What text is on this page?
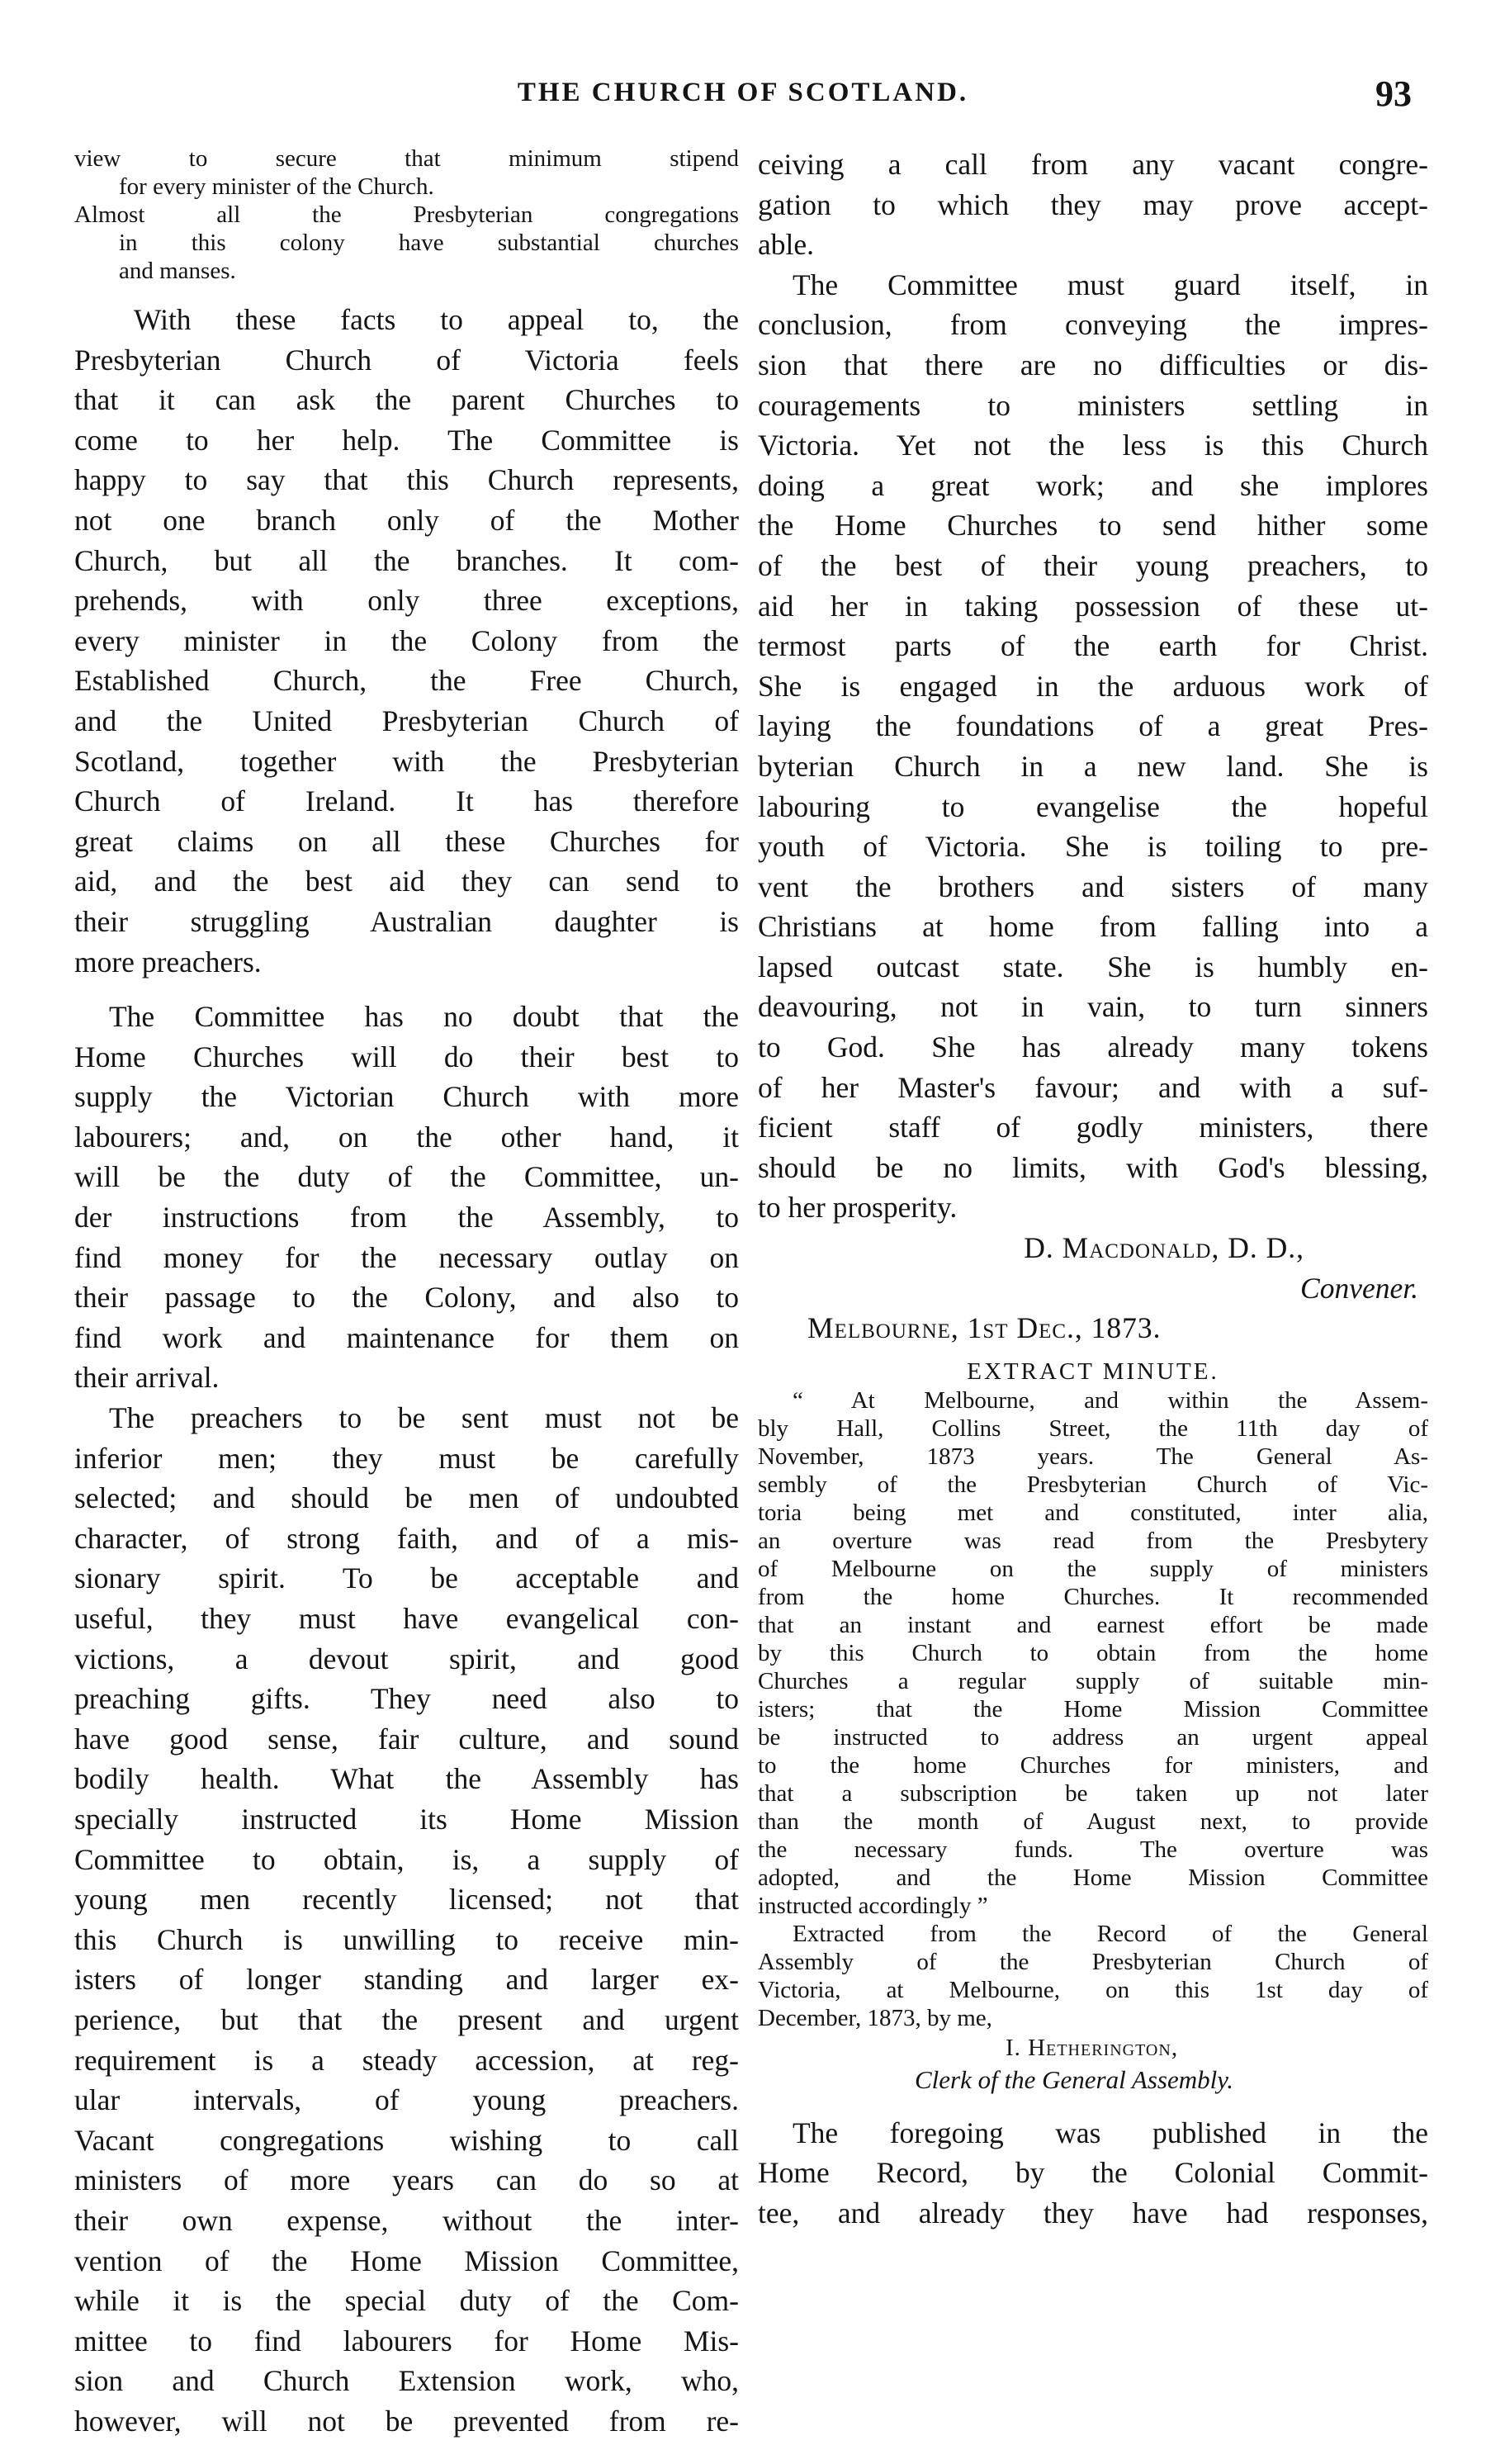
THE CHURCH OF SCOTLAND.	93
view to secure that minimum stipend
for every minister of the Church.
Almost all the Presbyterian congregations
in this colony have substantial churches
and manses.
With these facts to appeal to, the
Presbyterian Church of Victoria feels
that it can ask the parent Churches to
come to her help. The Committee is
happy to say that this Church represents,
not one branch only of the Mother
Church, but all the branches. It com-
prehends, with only three exceptions,
every minister in the Colony from the
Established Church, the Free Church,
and the United Presbyterian Church of
Scotland, together with the Presbyterian
Church of Ireland. It has therefore
great claims on all these Churches for
aid, and the best aid they can send to
their struggling Australian daughter is
more preachers.
The Committee has no doubt that the
Home Churches will do their best to
supply the Victorian Church with more
labourers; and, on the other hand, it
will be the duty of the Committee, un-
der instructions from the Assembly, to
find money for the necessary outlay on
their passage to the Colony, and also to
find work and maintenance for them on
their arrival.
The preachers to be sent must not be
inferior men; they must be carefully
selected; and should be men of undoubted
character, of strong faith, and of a mis-
sionary spirit. To be acceptable and
useful, they must have evangelical con-
victions, a devout spirit, and good
preaching gifts. They need also to
have good sense, fair culture, and sound
bodily health. What the Assembly has
specially instructed its Home Mission
Committee to obtain, is, a supply of
young men recently licensed; not that
this Church is unwilling to receive min-
isters of longer standing and larger ex-
perience, but that the present and urgent
requirement is a steady accession, at reg-
ular intervals, of young preachers.
Vacant congregations wishing to call
ministers of more years can do so at
their own expense, without the inter-
vention of the Home Mission Committee,
while it is the special duty of the Com-
mittee to find labourers for Home Mis-
sion and Church Extension work, who,
however, will not be prevented from re-
ceiving a call from any vacant congre-
gation to which they may prove accept-
able.
The Committee must guard itself, in
conclusion, from conveying the impres-
sion that there are no difficulties or dis-
couragements to ministers settling in
Victoria. Yet not the less is this Church
doing a great work; and she implores
the Home Churches to send hither some
of the best of their young preachers, to
aid her in taking possession of these ut-
termost parts of the earth for Christ.
She is engaged in the arduous work of
laying the foundations of a great Pres-
byterian Church in a new land. She is
labouring to evangelise the hopeful
youth of Victoria. She is toiling to pre-
vent the brothers and sisters of many
Christians at home from falling into a
lapsed outcast state. She is humbly en-
deavouring, not in vain, to turn sinners
to God. She has already many tokens
of her Master's favour; and with a suf-
ficient staff of godly ministers, there
should be no limits, with God's blessing,
to her prosperity.
D. Macdonald, D. D.,
Convener.
Melbourne, 1st Dec., 1873.
EXTRACT MINUTE.
“ At Melbourne, and within the Assem-
bly Hall, Collins Street, the 11th day of
November, 1873 years. The General As-
sembly of the Presbyterian Church of Vic-
toria being met and constituted, inter alia,
an overture was read from the Presbytery
of Melbourne on the supply of ministers
from the home Churches. It recommended
that an instant and earnest effort be made
by this Church to obtain from the home
Churches a regular supply of suitable min-
isters; that the Home Mission Committee
be instructed to address an urgent appeal
to the home Churches for ministers, and
that a subscription be taken up not later
than the month of August next, to provide
the necessary funds. The overture was
adopted, and the Home Mission Committee
instructed accordingly ”
Extracted from the Record of the General
Assembly of the Presbyterian Church of
Victoria, at Melbourne, on this 1st day of
December, 1873, by me,
I. Hetherington,
Clerk of the General Assembly.
The foregoing was published in the
Home Record, by the Colonial Commit-
tee, and already they have had responses,
